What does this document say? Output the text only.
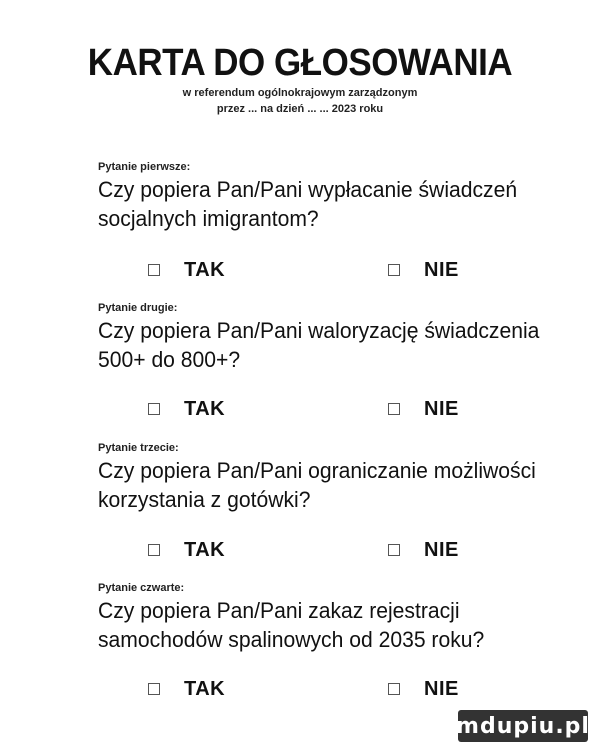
KARTA DO GŁOSOWANIA
w referendum ogólnokrajowym zarządzonym
przez ... na dzień ... ... 2023 roku
Pytanie pierwsze:
Czy popiera Pan/Pani wypłacanie świadczeń
socjalnych imigrantom?
TAK	NIE
Pytanie drugie:
Czy popiera Pan/Pani waloryzację świadczenia
500+ do 800+?
TAK	NIE
Pytanie trzecie:
Czy popiera Pan/Pani ograniczanie możliwości
korzystania z gotówki?
TAK	NIE
Pytanie czwarte:
Czy popiera Pan/Pani zakaz rejestracji
samochodów spalinowych od 2035 roku?
TAK	NIE
mdupiu.pl
